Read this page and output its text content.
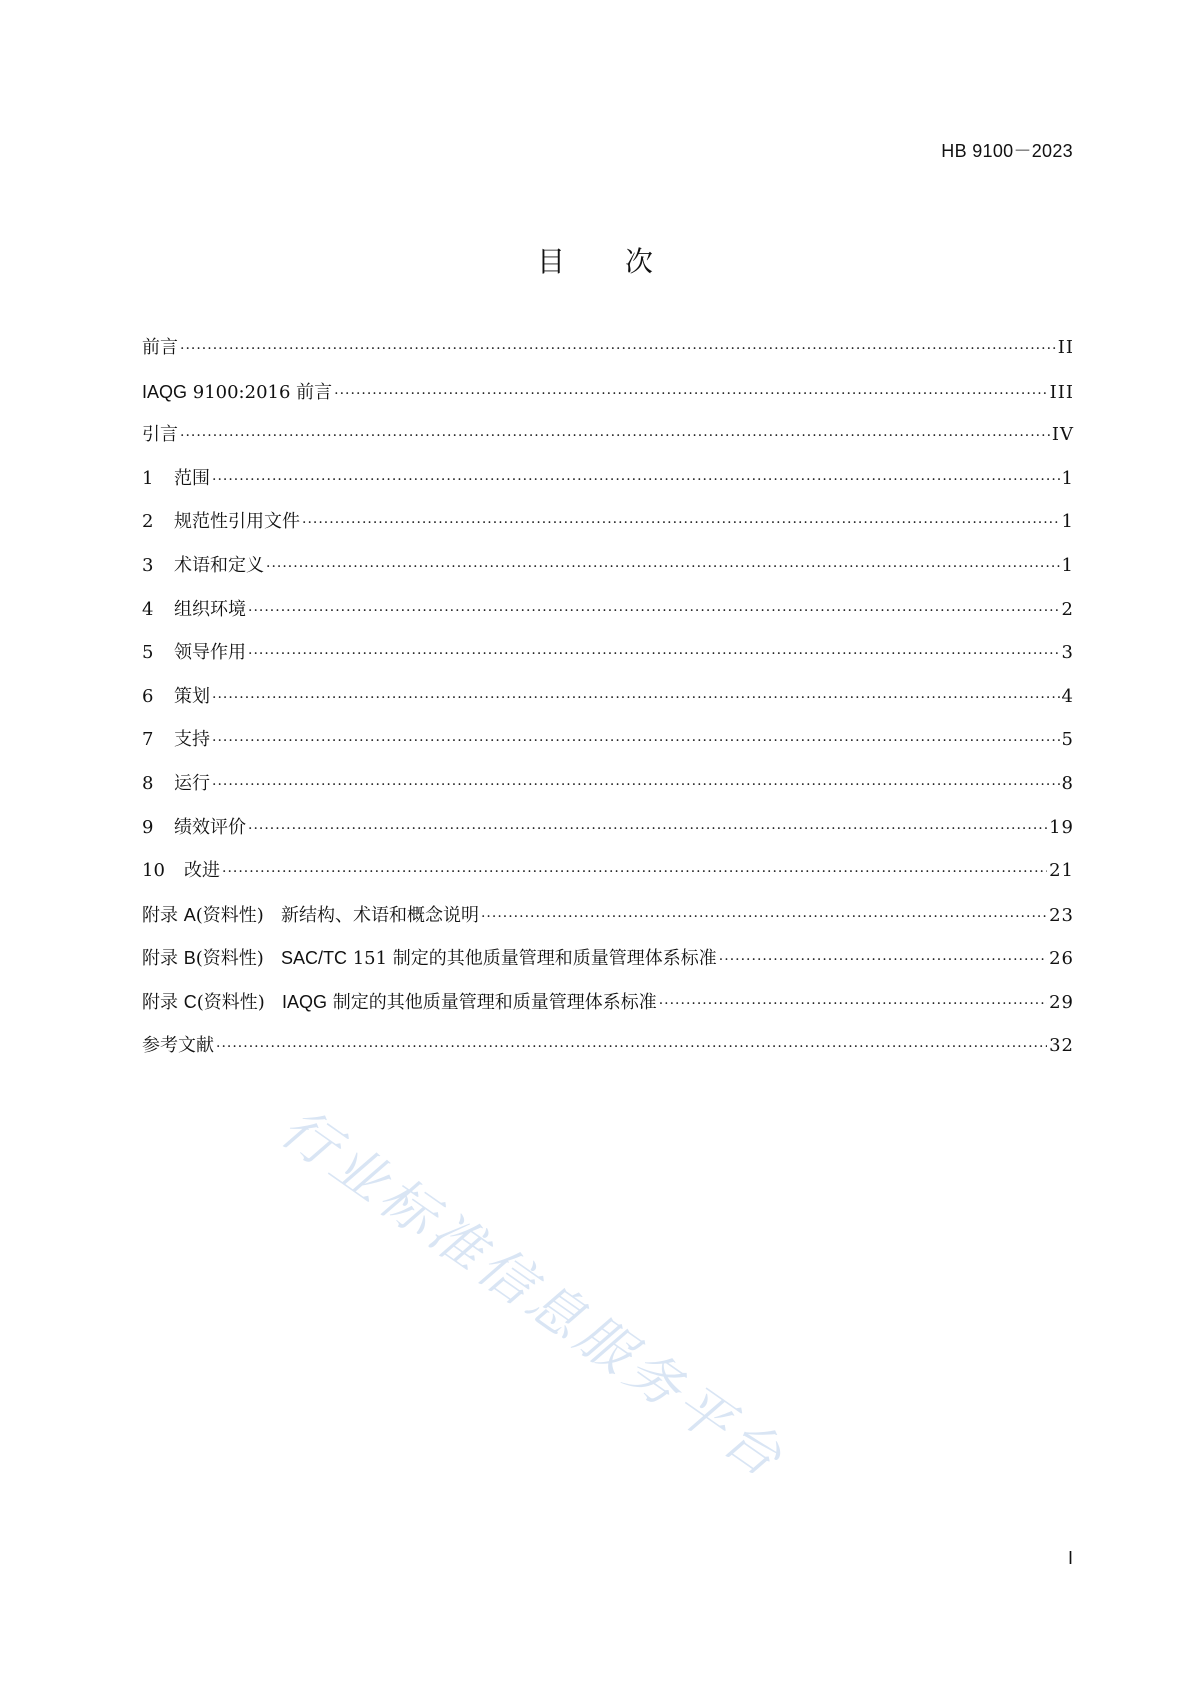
HB 9100－2023
目 次
前言 ·····	II
IAQG 9100:2016 前言 ·····	III
引言 ·····	IV
1 范围 ·····	1
2 规范性引用文件 ·····	1
3 术语和定义 ·····	1
4 组织环境 ·····	2
5 领导作用 ·····	3
6 策划 ·····	4
7 支持 ·····	5
8 运行 ·····	8
9 绩效评价 ·····	19
10 改进 ·····	21
附录 A(资料性) 新结构、术语和概念说明 ·····	23
附录 B(资料性) SAC/TC 151 制定的其他质量管理和质量管理体系标准 ·····	26
附录 C(资料性) IAQG 制定的其他质量管理和质量管理体系标准 ·····	29
参考文献 ·····	32
行业标准信息服务平台
I
